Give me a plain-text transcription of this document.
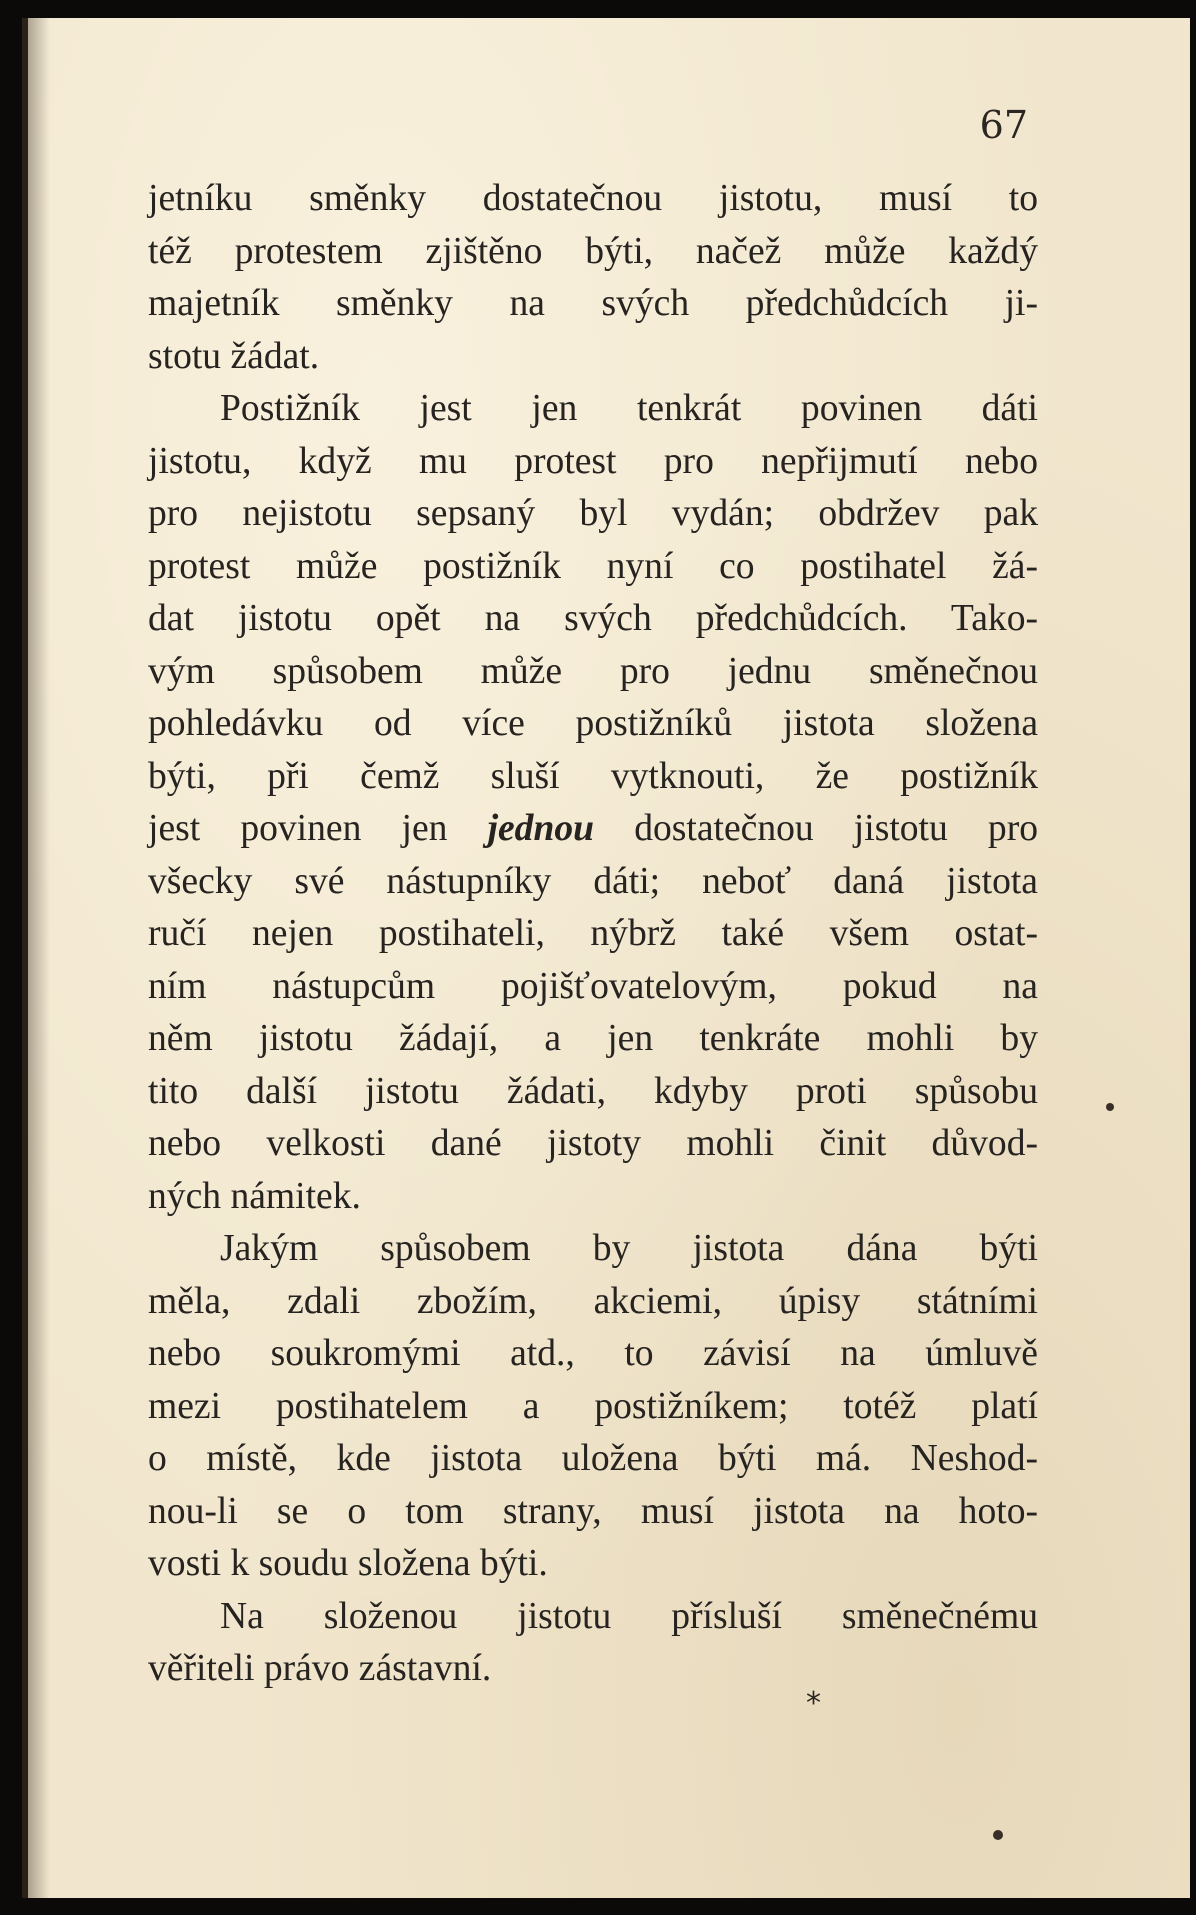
67
jetníku směnky dostatečnou jistotu, musí to
též protestem zjištěno býti, načež může každý
majetník směnky na svých předchůdcích ji-
stotu žádat.
Postižník jest jen tenkrát povinen dáti
jistotu, když mu protest pro nepřijmutí nebo
pro nejistotu sepsaný byl vydán; obdržev pak
protest může postižník nyní co postihatel žá-
dat jistotu opět na svých předchůdcích. Tako-
vým spůsobem může pro jednu směnečnou
pohledávku od více postižníků jistota složena
býti, při čemž sluší vytknouti, že postižník
jest povinen jen jednou dostatečnou jistotu pro
všecky své nástupníky dáti; neboť daná jistota
ručí nejen postihateli, nýbrž také všem ostat-
ním nástupcům pojišťovatelovým, pokud na
něm jistotu žádají, a jen tenkráte mohli by
tito další jistotu žádati, kdyby proti spůsobu
nebo velkosti dané jistoty mohli činit důvod-
ných námitek.
Jakým spůsobem by jistota dána býti
měla, zdali zbožím, akciemi, úpisy státními
nebo soukromými atd., to závisí na úmluvě
mezi postihatelem a postižníkem; totéž platí
o místě, kde jistota uložena býti má. Neshod-
nou-li se o tom strany, musí jistota na hoto-
vosti k soudu složena býti.
Na složenou jistotu přísluší směnečnému
věřiteli právo zástavní.
*
